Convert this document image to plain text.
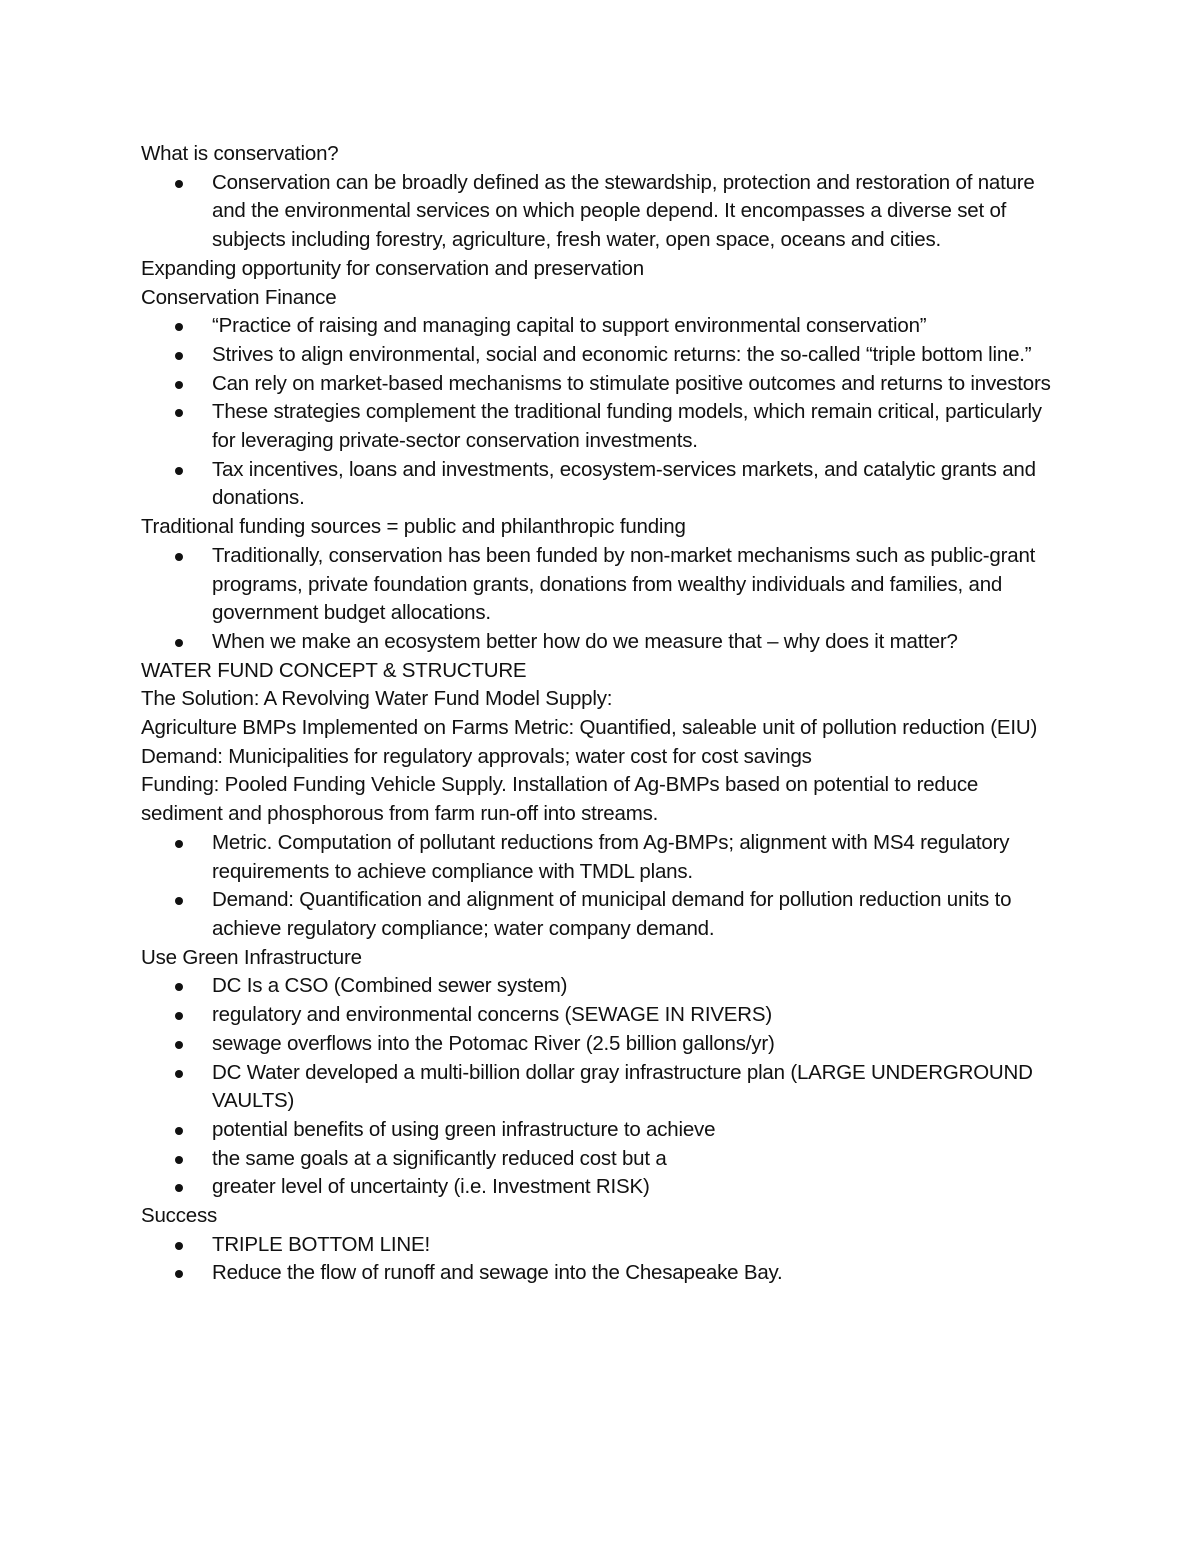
What is conservation?

Conservation can be broadly defined as the stewardship, protection and restoration of nature and the environmental services on which people depend. It encompasses a diverse set of subjects including forestry, agriculture, fresh water, open space, oceans and cities.

Expanding opportunity for conservation and preservation

Conservation Finance

“Practice of raising and managing capital to support environmental conservation”
Strives to align environmental, social and economic returns: the so-called “triple bottom line.”
Can rely on market-based mechanisms to stimulate positive outcomes and returns to investors
These strategies complement the traditional funding models, which remain critical, particularly for leveraging private-sector conservation investments.
Tax incentives, loans and investments, ecosystem-services markets, and catalytic grants and donations.

Traditional funding sources = public and philanthropic funding

Traditionally, conservation has been funded by non-market mechanisms such as public-grant programs, private foundation grants, donations from wealthy individuals and families, and government budget allocations.
When we make an ecosystem better how do we measure that – why does it matter?

WATER FUND CONCEPT & STRUCTURE

The Solution: A Revolving Water Fund Model Supply:

Agriculture BMPs Implemented on Farms Metric: Quantified, saleable unit of pollution reduction (EIU)

Demand: Municipalities for regulatory approvals; water cost for cost savings

Funding: Pooled Funding Vehicle Supply. Installation of Ag-BMPs based on potential to reduce sediment and phosphorous from farm run-off into streams.

Metric. Computation of pollutant reductions from Ag-BMPs; alignment with MS4 regulatory requirements to achieve compliance with TMDL plans.
Demand: Quantification and alignment of municipal demand for pollution reduction units to achieve regulatory compliance; water company demand.

Use Green Infrastructure

DC Is a CSO (Combined sewer system)
regulatory and environmental concerns (SEWAGE IN RIVERS)
sewage overflows into the Potomac River (2.5 billion gallons/yr)
DC Water developed a multi-billion dollar gray infrastructure plan (LARGE UNDERGROUND VAULTS)
potential benefits of using green infrastructure to achieve
the same goals at a significantly reduced cost but a
greater level of uncertainty (i.e. Investment RISK)

Success

TRIPLE BOTTOM LINE!
Reduce the flow of runoff and sewage into the Chesapeake Bay.
